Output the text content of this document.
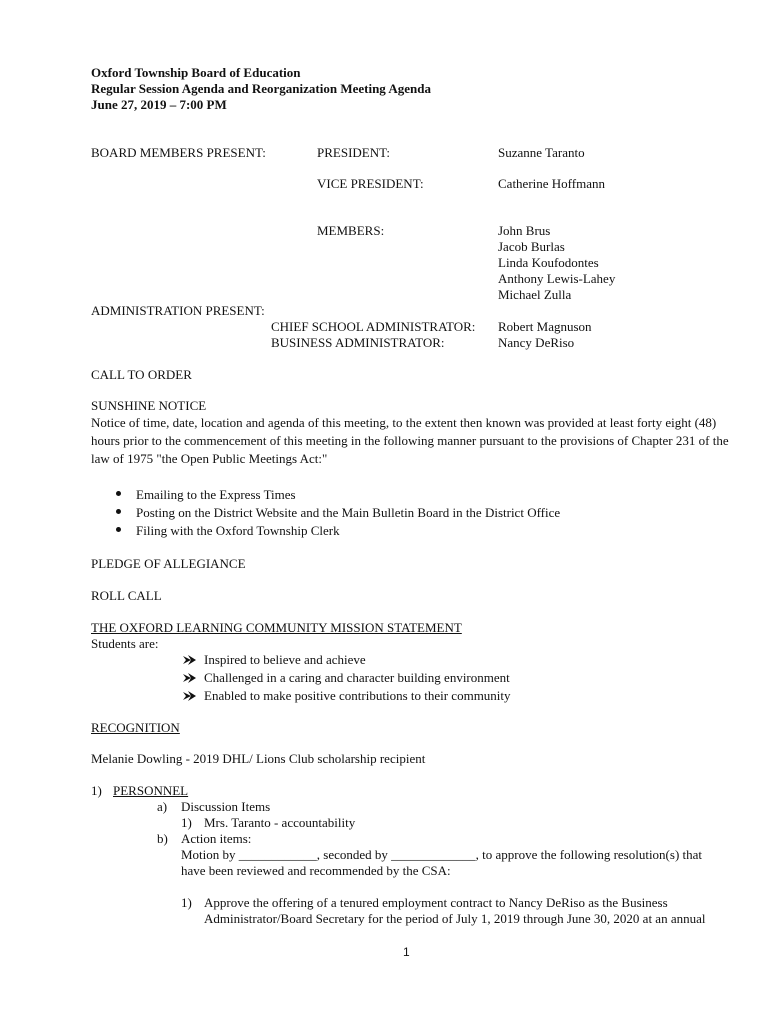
Oxford Township Board of Education
Regular Session Agenda and Reorganization Meeting Agenda
June 27, 2019 – 7:00 PM
BOARD MEMBERS PRESENT:	PRESIDENT:	Suzanne Taranto
VICE PRESIDENT:	Catherine Hoffmann
MEMBERS:	John Brus
Jacob Burlas
Linda Koufodontes
Anthony Lewis-Lahey
Michael Zulla
ADMINISTRATION PRESENT:
CHIEF SCHOOL ADMINISTRATOR: Robert Magnuson
BUSINESS ADMINISTRATOR:	Nancy DeRiso
CALL TO ORDER
SUNSHINE NOTICE
Notice of time, date, location and agenda of this meeting, to the extent then known was provided at least forty eight (48) hours prior to the commencement of this meeting in the following manner pursuant to the provisions of Chapter 231 of the law of 1975 "the Open Public Meetings Act:"
Emailing to the Express Times
Posting on the District Website and the Main Bulletin Board in the District Office
Filing with the Oxford Township Clerk
PLEDGE OF ALLEGIANCE
ROLL CALL
THE OXFORD LEARNING COMMUNITY MISSION STATEMENT
Students are:
Inspired to believe and achieve
Challenged in a caring and character building environment
Enabled to make positive contributions to their community
RECOGNITION
Melanie Dowling - 2019 DHL/ Lions Club scholarship recipient
1) PERSONNEL
a) Discussion Items
1) Mrs. Taranto - accountability
b) Action items:
Motion by ____________, seconded by _____________, to approve the following resolution(s) that
have been reviewed and recommended by the CSA:
1) Approve the offering of a tenured employment contract to Nancy DeRiso as the Business
Administrator/Board Secretary for the period of July 1, 2019 through June 30, 2020 at an annual
1
